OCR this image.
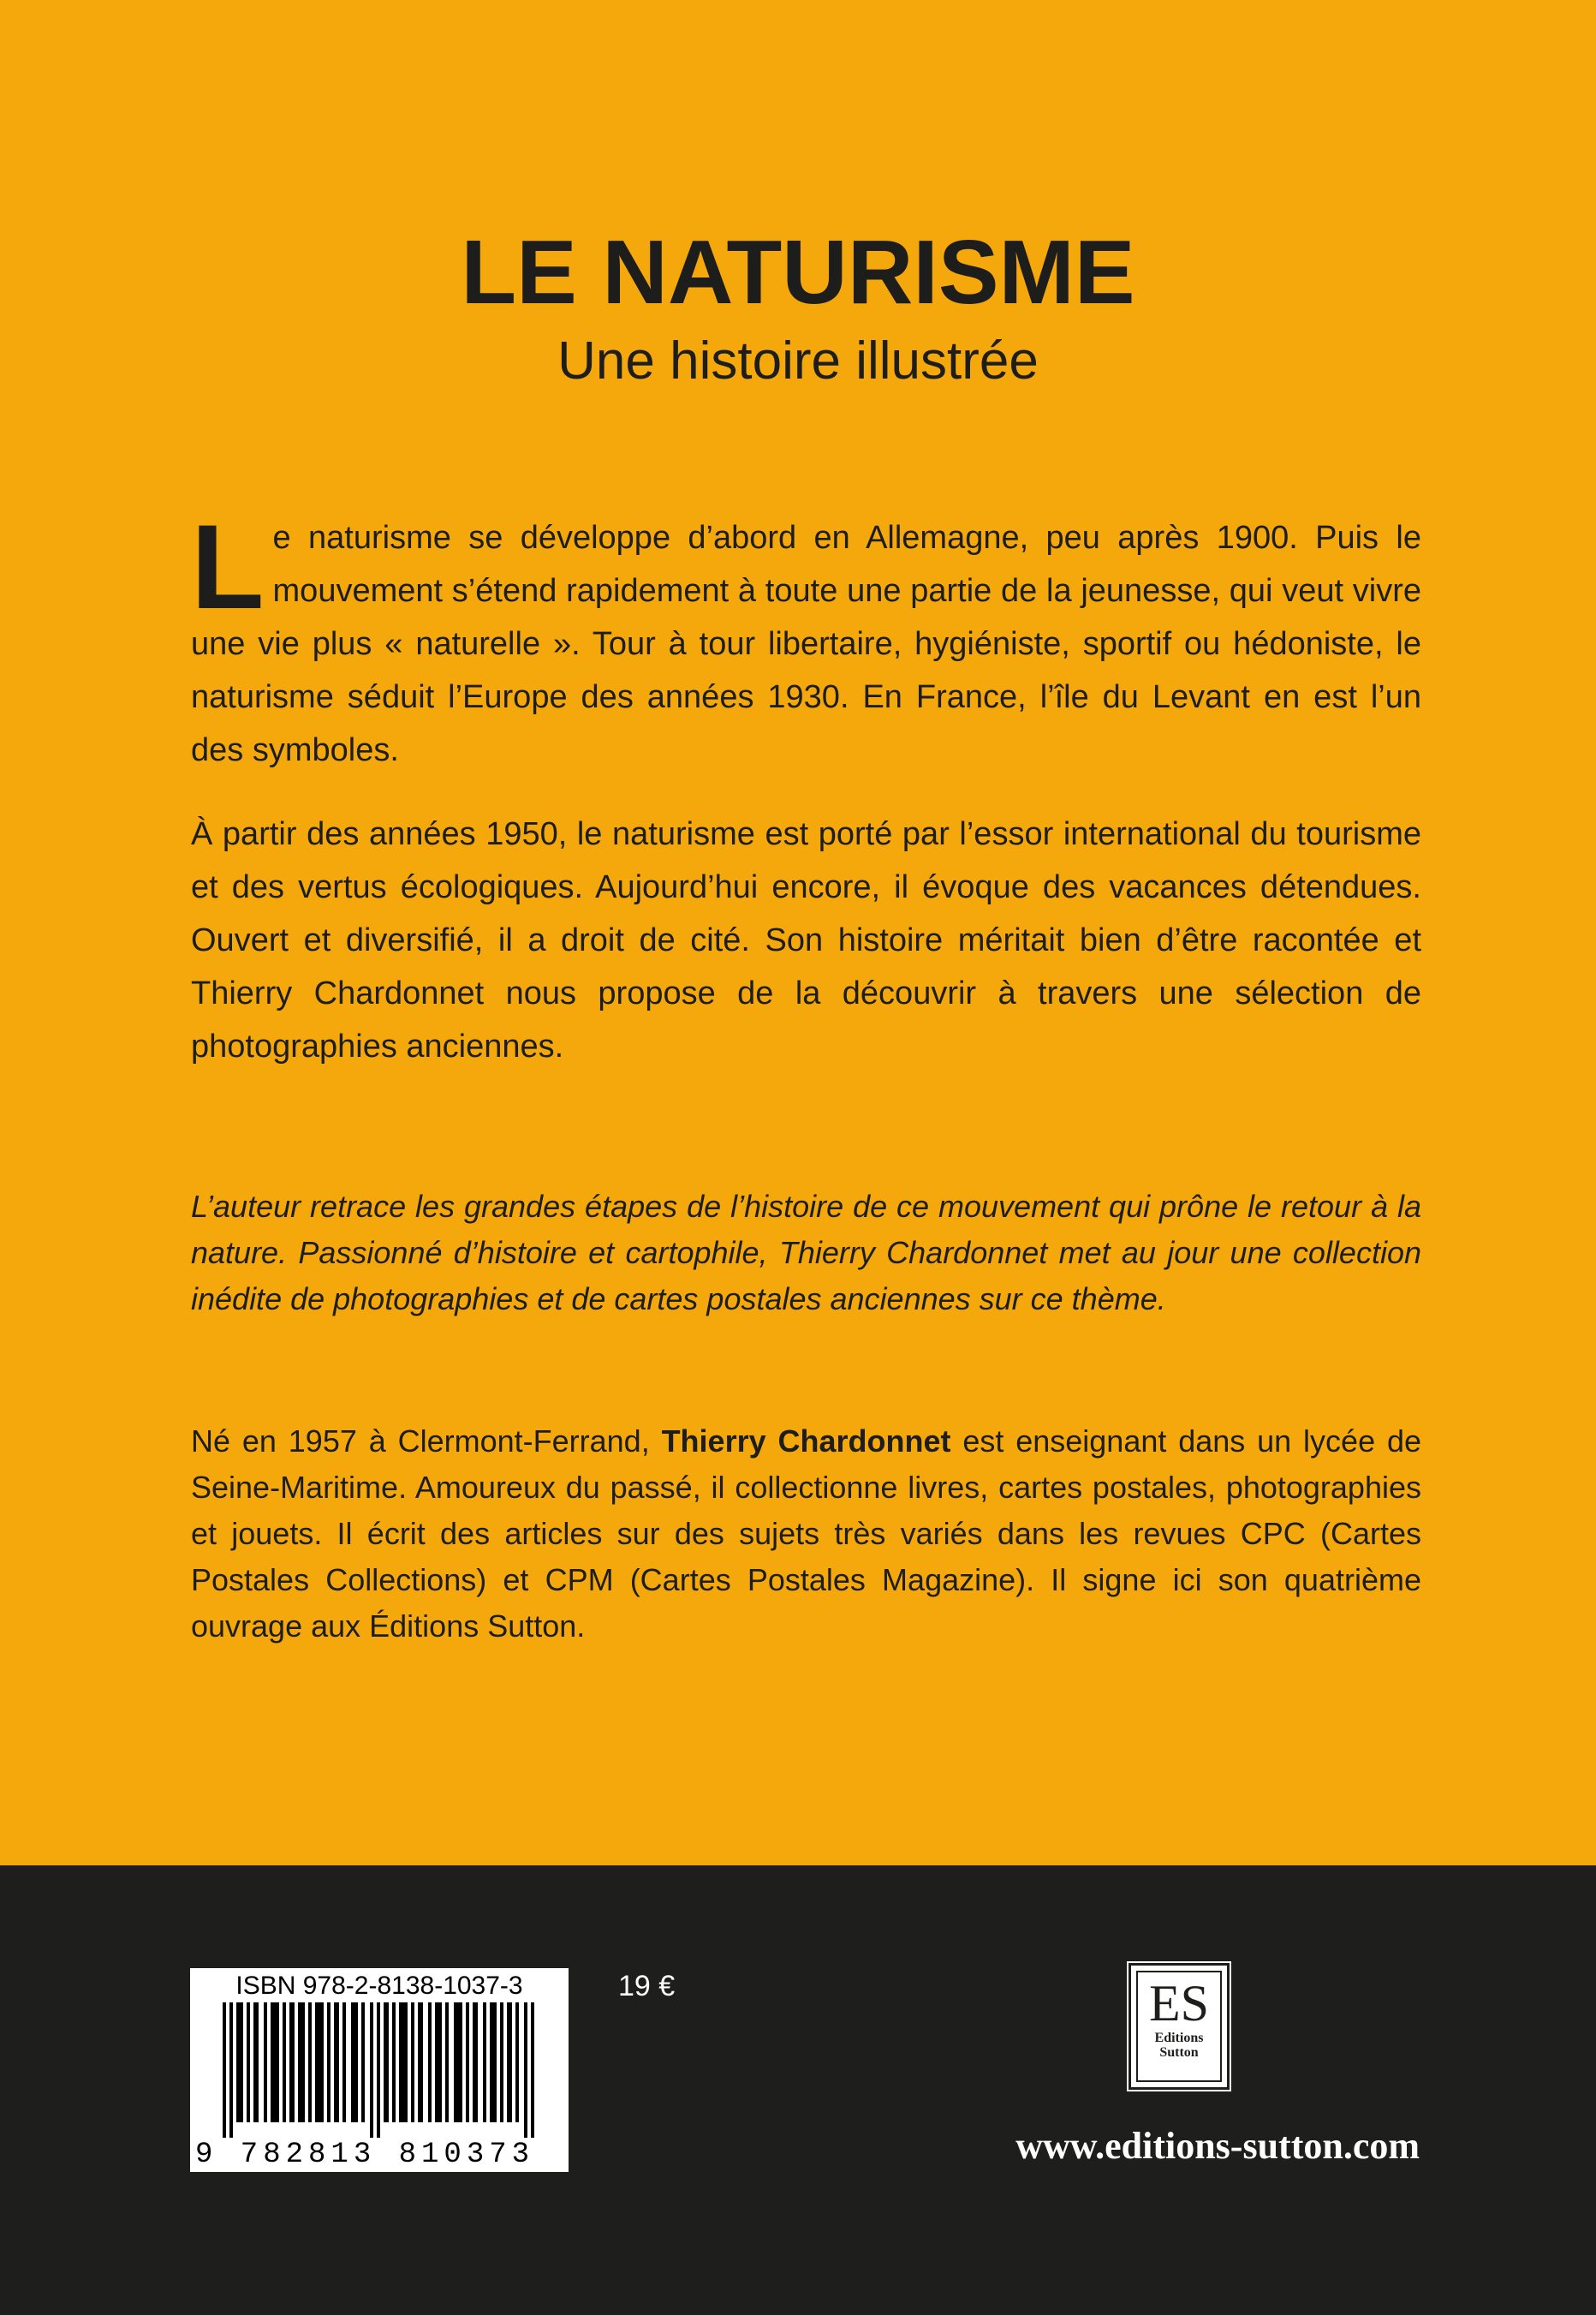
LE NATURISME
Une histoire illustrée

Le naturisme se développe d’abord en Allemagne, peu après 1900. Puis le mouvement s’étend rapidement à toute une partie de la jeunesse, qui veut vivre une vie plus « naturelle ». Tour à tour libertaire, hygiéniste, sportif ou hédoniste, le naturisme séduit l’Europe des années 1930. En France, l’île du Levant en est l’un des symboles.

À partir des années 1950, le naturisme est porté par l’essor international du tourisme et des vertus écologiques. Aujourd’hui encore, il évoque des vacances détendues. Ouvert et diversifié, il a droit de cité. Son histoire méritait bien d’être racontée et Thierry Chardonnet nous propose de la découvrir à travers une sélection de photographies anciennes.

L’auteur retrace les grandes étapes de l’histoire de ce mouvement qui prône le retour à la nature. Passionné d’histoire et cartophile, Thierry Chardonnet met au jour une collection inédite de photographies et de cartes postales anciennes sur ce thème.

Né en 1957 à Clermont-Ferrand, Thierry Chardonnet est enseignant dans un lycée de Seine-Maritime. Amoureux du passé, il collectionne livres, cartes postales, photographies et jouets. Il écrit des articles sur des sujets très variés dans les revues CPC (Cartes Postales Collections) et CPM (Cartes Postales Magazine). Il signe ici son quatrième ouvrage aux Éditions Sutton.

ISBN 978-2-8138-1037-3
9 782813 810373
19 €	ES
Editions
Sutton
www.editions-sutton.com
